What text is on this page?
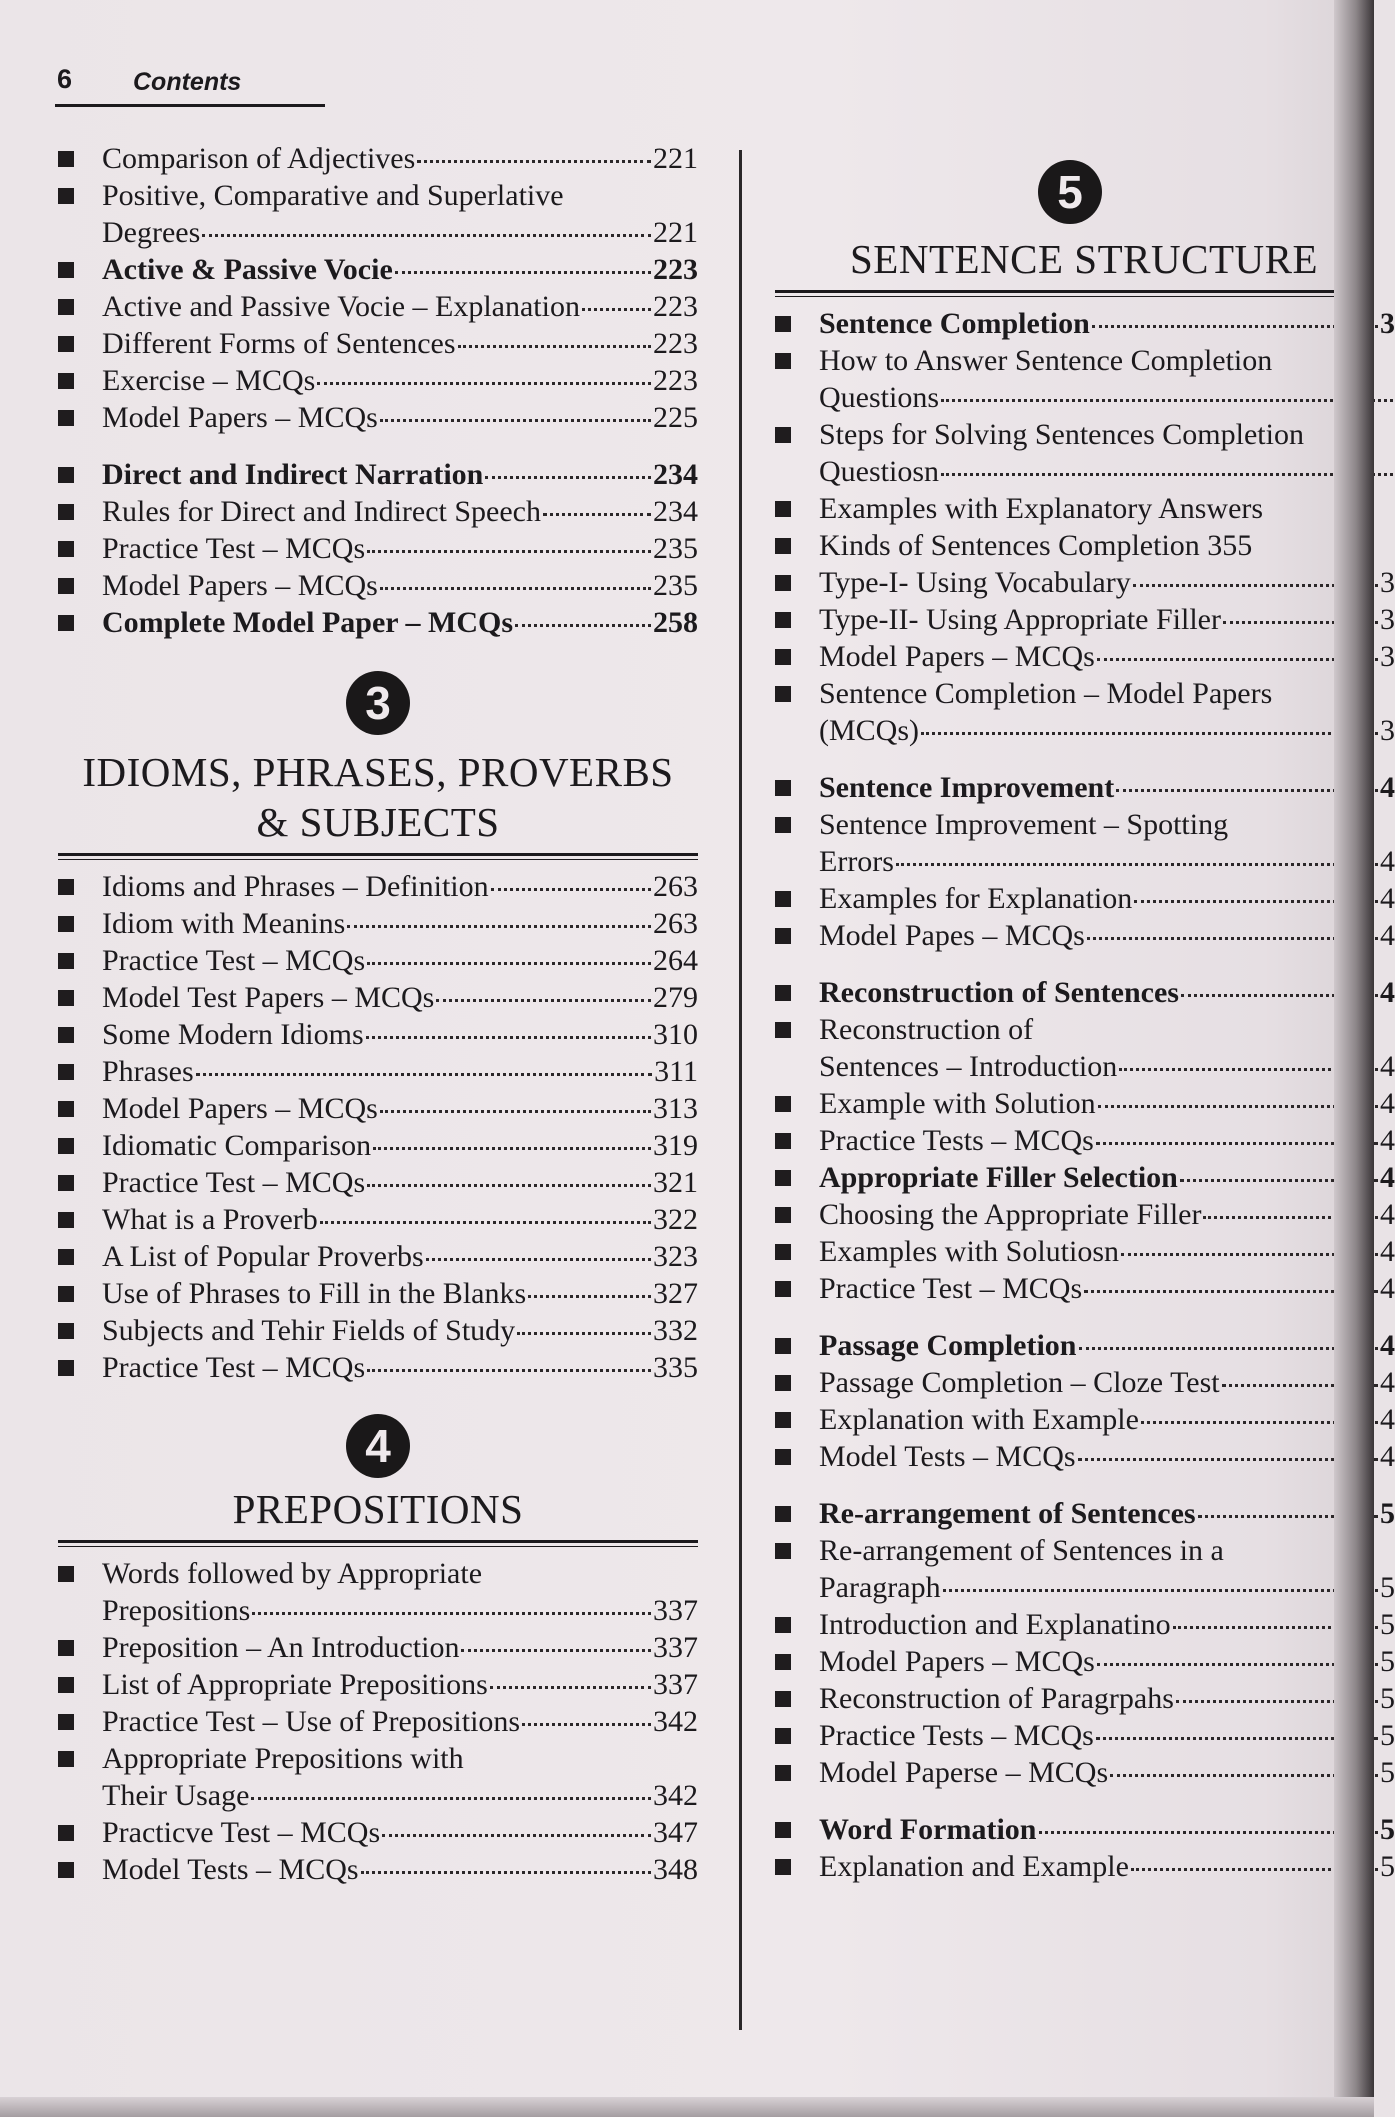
6 Contents
Comparison of Adjectives	221
Positive, Comparative and Superlative
Degrees	221
Active & Passive Vocie	223
Active and Passive Vocie – Explanation 223
Different Forms of Sentences	223
Exercise – MCQs	223
Model Papers – MCQs	225
Direct and Indirect Narration	234
Rules for Direct and Indirect Speech	234
Practice Test – MCQs	235
Model Papers – MCQs	235
Complete Model Paper – MCQs	258
3
IDIOMS, PHRASES, PROVERBS
& SUBJECTS
Idioms and Phrases – Definition	263
Idiom with Meanins	263
Practice Test – MCQs	264
Model Test Papers – MCQs	279
Some Modern Idioms	310
Phrases	311
Model Papers – MCQs	313
Idiomatic Comparison	319
Practice Test – MCQs	321
What is a Proverb	322
A List of Popular Proverbs	323
Use of Phrases to Fill in the Blanks	327
Subjects and Tehir Fields of Study	332
Practice Test – MCQs	335
4
PREPOSITIONS
Words followed by Appropriate
Prepositions	337
Preposition – An Introduction	337
List of Appropriate Prepositions	337
Practice Test – Use of Prepositions	342
Appropriate Prepositions with
Their Usage	342
Practicve Test – MCQs	347
Model Tests – MCQs	348
5
SENTENCE STRUCTURE
Sentence Completion	3
How to Answer Sentence Completion
Questions
Steps for Solving Sentences Completion
Questiosn
Examples with Explanatory Answers
Kinds of Sentences Completion 355
Type-I- Using Vocabulary	3
Type-II- Using Appropriate Filler	3
Model Papers – MCQs	3
Sentence Completion – Model Papers
(MCQs)	3
Sentence Improvement	4
Sentence Improvement – Spotting
Errors	4
Examples for Explanation	4
Model Papes – MCQs	4
Reconstruction of Sentences	4
Reconstruction of
Sentences – Introduction	4
Example with Solution	4
Practice Tests – MCQs	4
Appropriate Filler Selection	4
Choosing the Appropriate Filler	4
Examples with Solutiosn	4
Practice Test – MCQs	4
Passage Completion	4
Passage Completion – Cloze Test	4
Explanation with Example	4
Model Tests – MCQs	4
Re-arrangement of Sentences	5
Re-arrangement of Sentences in a
Paragraph	5
Introduction and Explanatino	5
Model Papers – MCQs	5
Reconstruction of Paragrpahs	5
Practice Tests – MCQs	5
Model Paperse – MCQs	5
Word Formation	5
Explanation and Example	5
